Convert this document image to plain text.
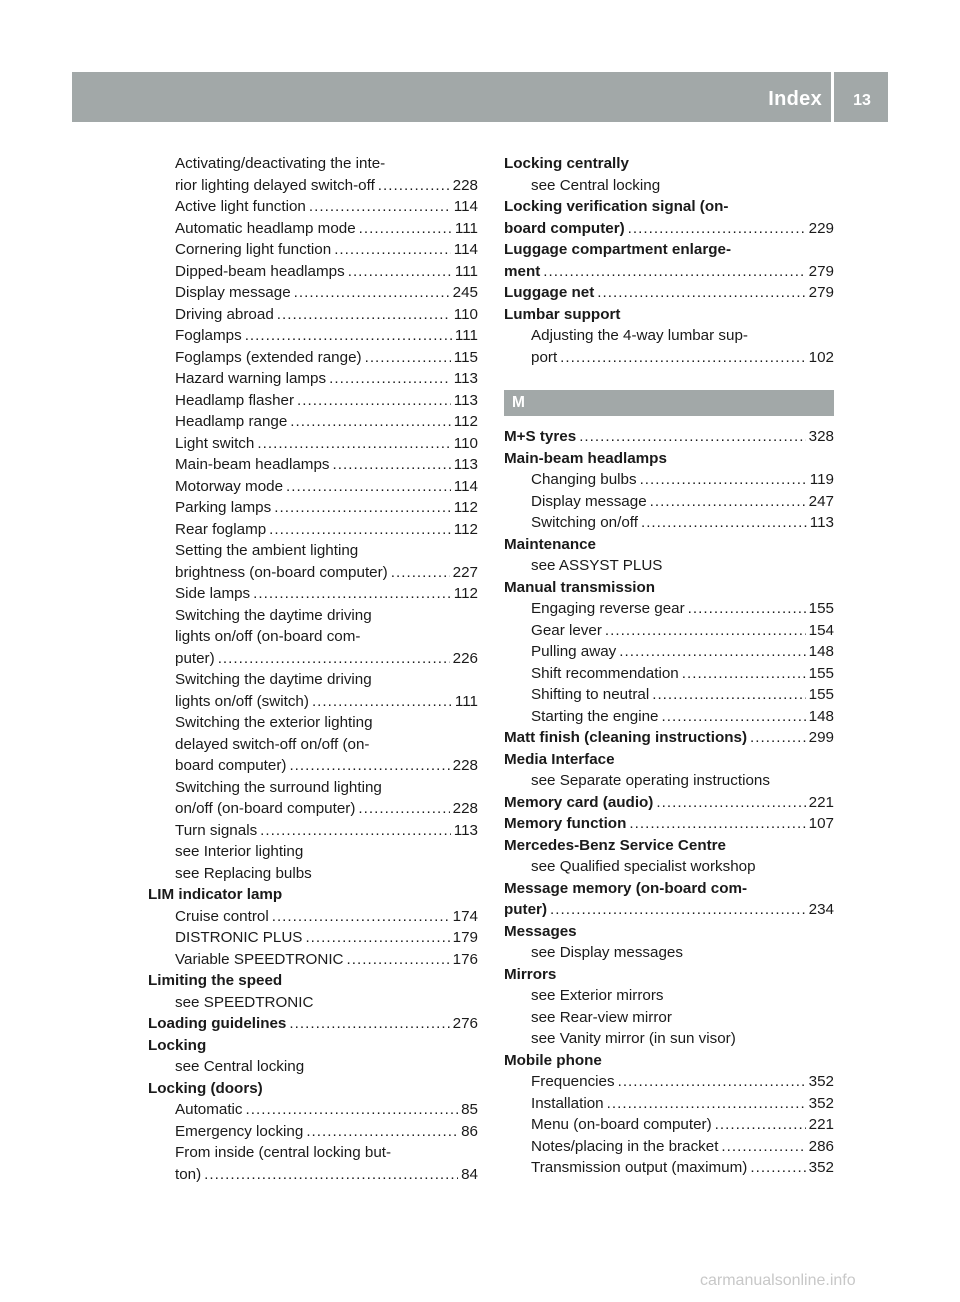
Index	13
Activating/deactivating the inte-
rior lighting delayed switch-off . . .	228
Active light function . . .	114
Automatic headlamp mode . . .	111
Cornering light function . . .	114
Dipped-beam headlamps . . .	111
Display message . . .	245
Driving abroad . . .	110
Foglamps . . .	111
Foglamps (extended range) . . .	115
Hazard warning lamps . . .	113
Headlamp flasher . . .	113
Headlamp range . . .	112
Light switch . . .	110
Main-beam headlamps . . .	113
Motorway mode . . .	114
Parking lamps . . .	112
Rear foglamp . . .	112
Setting the ambient lighting
brightness (on-board computer) . . .	227
Side lamps . . .	112
Switching the daytime driving
lights on/off (on-board com-
puter) . . .	226
Switching the daytime driving
lights on/off (switch) . . .	111
Switching the exterior lighting
delayed switch-off on/off (on-
board computer) . . .	228
Switching the surround lighting
on/off (on-board computer) . . .	228
Turn signals . . .	113
see Interior lighting
see Replacing bulbs
LIM indicator lamp
Cruise control . . .	174
DISTRONIC PLUS . . .	179
Variable SPEEDTRONIC . . .	176
Limiting the speed
see SPEEDTRONIC
Loading guidelines . . .	276
Locking
see Central locking
Locking (doors)
Automatic . . .	85
Emergency locking . . .	86
From inside (central locking but-
ton) . . .	84
Locking centrally
see Central locking
Locking verification signal (on-
board computer) . . .	229
Luggage compartment enlarge-
ment . . .	279
Luggage net . . .	279
Lumbar support
Adjusting the 4-way lumbar sup-
port . . .	102
M
M+S tyres . . .	328
Main-beam headlamps
Changing bulbs . . .	119
Display message . . .	247
Switching on/off . . .	113
Maintenance
see ASSYST PLUS
Manual transmission
Engaging reverse gear . . .	155
Gear lever . . .	154
Pulling away . . .	148
Shift recommendation . . .	155
Shifting to neutral . . .	155
Starting the engine . . .	148
Matt finish (cleaning instructions) . . .	299
Media Interface
see Separate operating instructions
Memory card (audio) . . .	221
Memory function . . .	107
Mercedes-Benz Service Centre
see Qualified specialist workshop
Message memory (on-board com-
puter) . . .	234
Messages
see Display messages
Mirrors
see Exterior mirrors
see Rear-view mirror
see Vanity mirror (in sun visor)
Mobile phone
Frequencies . . .	352
Installation . . .	352
Menu (on-board computer) . . .	221
Notes/placing in the bracket . . .	286
Transmission output (maximum) . . .	352
carmanualsonline.info
